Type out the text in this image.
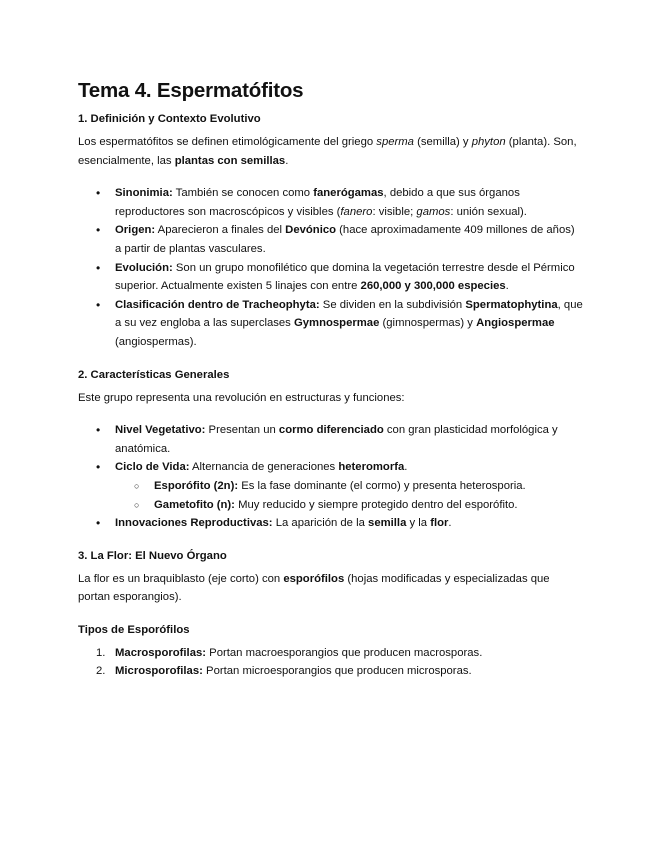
Tema 4. Espermatófitos
1. Definición y Contexto Evolutivo

Los espermatófitos se definen etimológicamente del griego sperma (semilla) y phyton (planta). Son, esencialmente, las plantas con semillas.

• Sinonimia: También se conocen como fanerógamas, debido a que sus órganos reproductores son macroscópicos y visibles (fanero: visible; gamos: unión sexual).
• Origen: Aparecieron a finales del Devónico (hace aproximadamente 409 millones de años) a partir de plantas vasculares.
• Evolución: Son un grupo monofilético que domina la vegetación terrestre desde el Pérmico superior. Actualmente existen 5 linajes con entre 260,000 y 300,000 especies.
• Clasificación dentro de Tracheophyta: Se dividen en la subdivisión Spermatophytina, que a su vez engloba a las superclases Gymnospermae (gimnospermas) y Angiospermae (angiospermas).
2. Características Generales

Este grupo representa una revolución en estructuras y funciones:

• Nivel Vegetativo: Presentan un cormo diferenciado con gran plasticidad morfológica y anatómica.
• Ciclo de Vida: Alternancia de generaciones heteromorfa.
○ Esporófito (2n): Es la fase dominante (el cormo) y presenta heterosporia.
○ Gametofito (n): Muy reducido y siempre protegido dentro del esporófito.
• Innovaciones Reproductivas: La aparición de la semilla y la flor.
3. La Flor: El Nuevo Órgano

La flor es un braquiblasto (eje corto) con esporófilos (hojas modificadas y especializadas que portan esporangios).

Tipos de Esporófilos
1. Macrosporofilas: Portan macroesporangios que producen macrosporas.
2. Microsporofilas: Portan microesporangios que producen microsporas.
